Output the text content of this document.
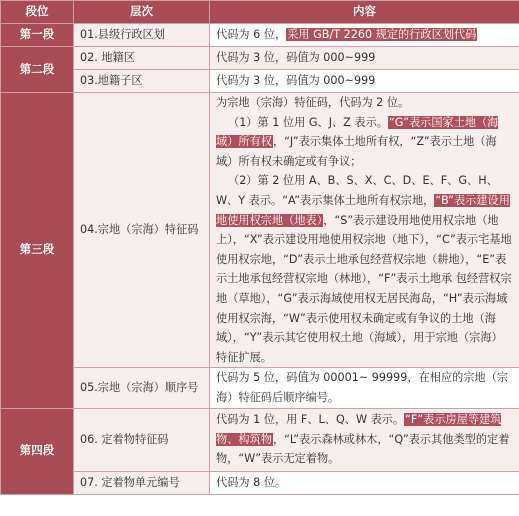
段位	层次	内容
第一段	01.县级行政区划	代码为 6 位，采用 GB/T 2260 规定的行政区划代码
第二段	02. 地籍区	代码为 3 位，码值为 000~999
	03.地籍子区	代码为 3 位，码值为 000~999
第三段	04.宗地（宗海）特征码	为宗地（宗海）特征码，代码为 2 位。
（1）第 1 位用 G、J、Z 表示。“G”表示国家土地（海域）所有权，“J”表示集体土地所有权，“Z”表示土地（海域）所有权未确定或有争议；
（2）第 2 位用 A、B、S、X、C、D、E、F、G、H、W、Y 表示。“A”表示集体土地所有权宗地，“B”表示建设用地使用权宗地（地表），“S”表示建设用地使用权宗地（地上），“X”表示建设用地使用权宗地（地下），“C”表示宅基地使用权宗地，“D”表示土地承包经营权宗地（耕地），“E”表示土地承包经营权宗地（林地），“F”表示土地承 包经营权宗地（草地），“G”表示海域使用权无居民海岛，“H”表示海域使用权宗海，“W”表示使用权未确定或有争议的土地（海域），“Y”表示其它使用权土地（海域），用于宗地（宗海）特征扩展。

	05.宗地（宗海）顺序号	代码为 5 位，码值为 00001~ 99999，在相应的宗地（宗海）特征码后顺序编号。
第四段	06. 定着物特征码	代码为 1 位，用 F、L、Q、W 表示。“F”表示房屋等建筑物、构筑物，“L”表示森林或林木，“Q”表示其他类型的定着物，“W”表示无定着物。
	07. 定着物单元编号	代码为 8 位。
